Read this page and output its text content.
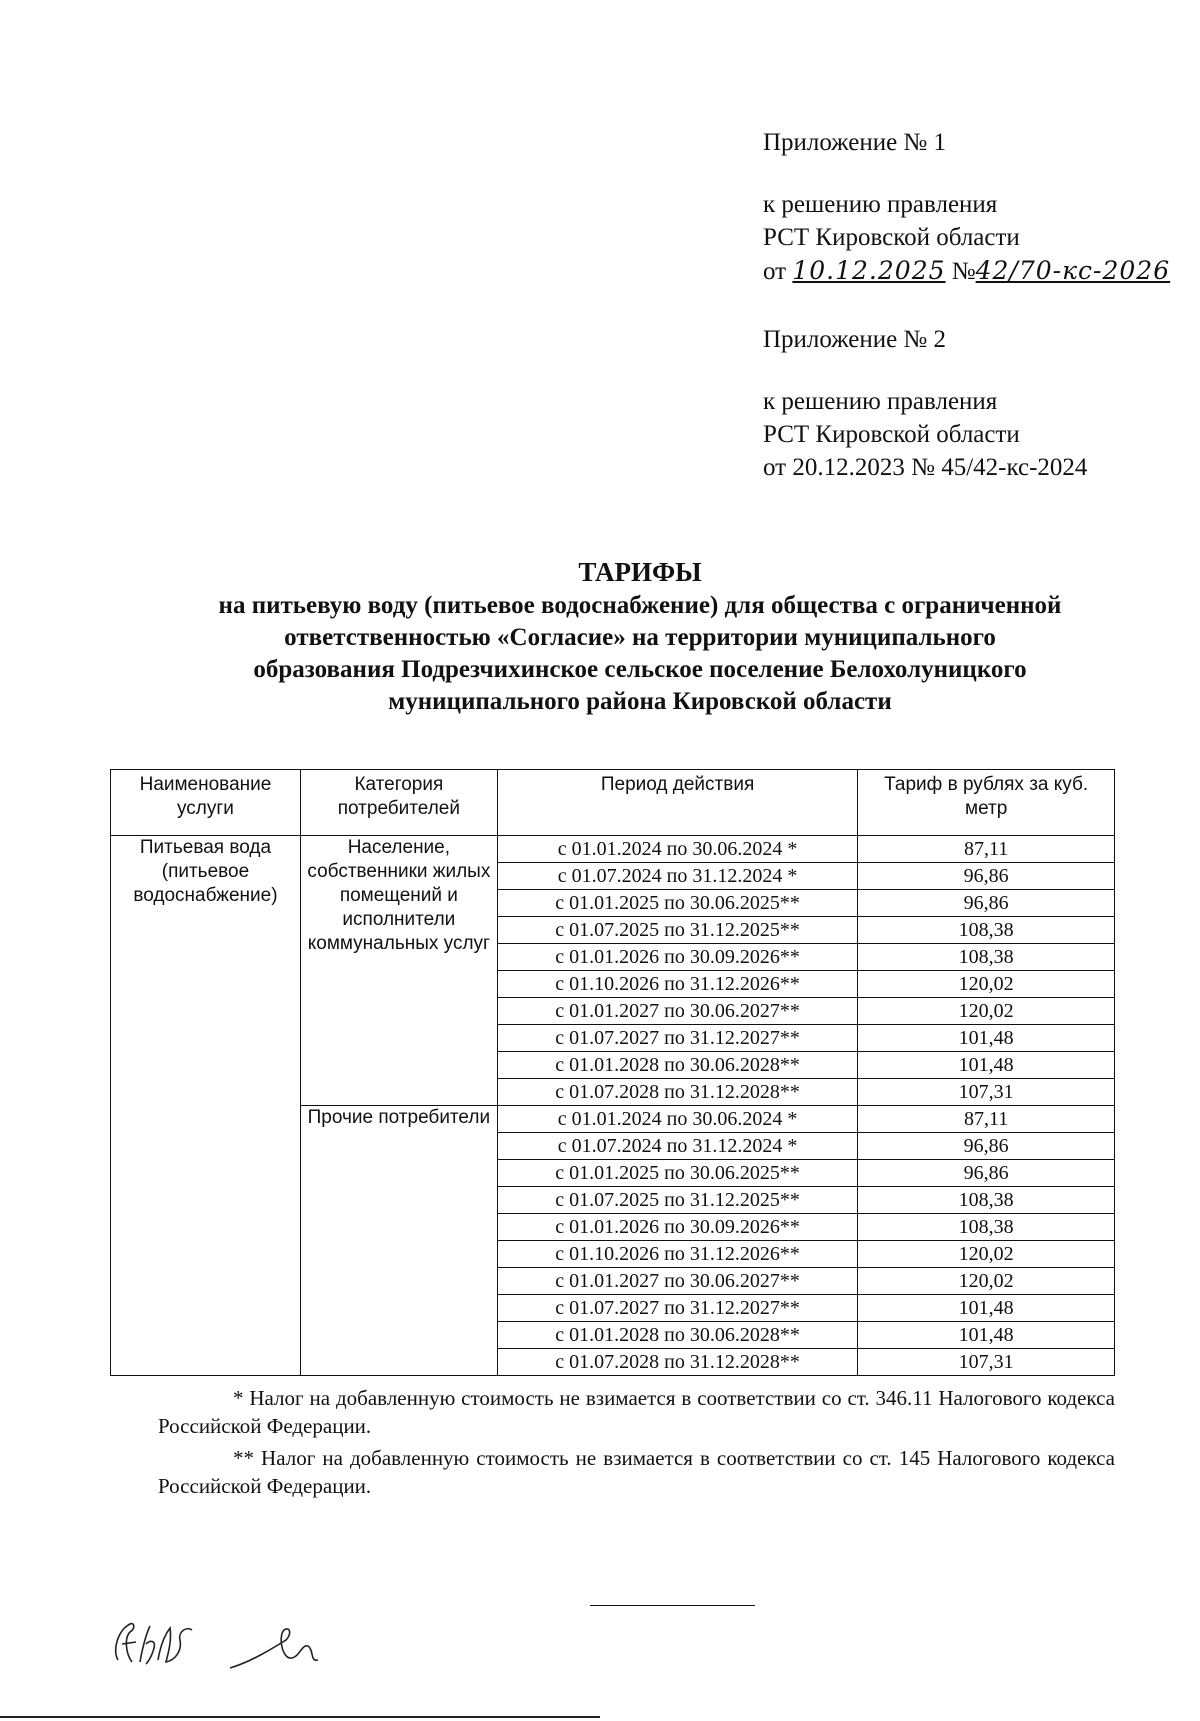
Приложение № 1
к решению правления
РСТ Кировской области
от 10.12.2025 №42/70-кс-2026
Приложение № 2
к решению правления
РСТ Кировской области
от 20.12.2023 № 45/42-кс-2024
ТАРИФЫ
на питьевую воду (питьевое водоснабжение) для общества с ограниченной
ответственностью «Согласие» на территории муниципального
образования Подрезчихинское сельское поселение Белохолуницкого
муниципального района Кировской области
Наименование услуги	Категория потребителей	Период действия	Тариф в рублях за куб. метр
Питьевая вода (питьевое водоснабжение)	Население, собственники жилых помещений и исполнители коммунальных услуг	с 01.01.2024 по 30.06.2024 *	87,11
		с 01.07.2024 по 31.12.2024 *	96,86
		с 01.01.2025 по 30.06.2025**	96,86
		с 01.07.2025 по 31.12.2025**	108,38
		с 01.01.2026 по 30.09.2026**	108,38
		с 01.10.2026 по 31.12.2026**	120,02
		с 01.01.2027 по 30.06.2027**	120,02
		с 01.07.2027 по 31.12.2027**	101,48
		с 01.01.2028 по 30.06.2028**	101,48
		с 01.07.2028 по 31.12.2028**	107,31
	Прочие потребители	с 01.01.2024 по 30.06.2024 *	87,11
		с 01.07.2024 по 31.12.2024 *	96,86
		с 01.01.2025 по 30.06.2025**	96,86
		с 01.07.2025 по 31.12.2025**	108,38
		с 01.01.2026 по 30.09.2026**	108,38
		с 01.10.2026 по 31.12.2026**	120,02
		с 01.01.2027 по 30.06.2027**	120,02
		с 01.07.2027 по 31.12.2027**	101,48
		с 01.01.2028 по 30.06.2028**	101,48
		с 01.07.2028 по 31.12.2028**	107,31

* Налог на добавленную стоимость не взимается в соответствии со ст. 346.11 Налогового кодекса Российской Федерации.

** Налог на добавленную стоимость не взимается в соответствии со ст. 145 Налогового кодекса Российской Федерации.
